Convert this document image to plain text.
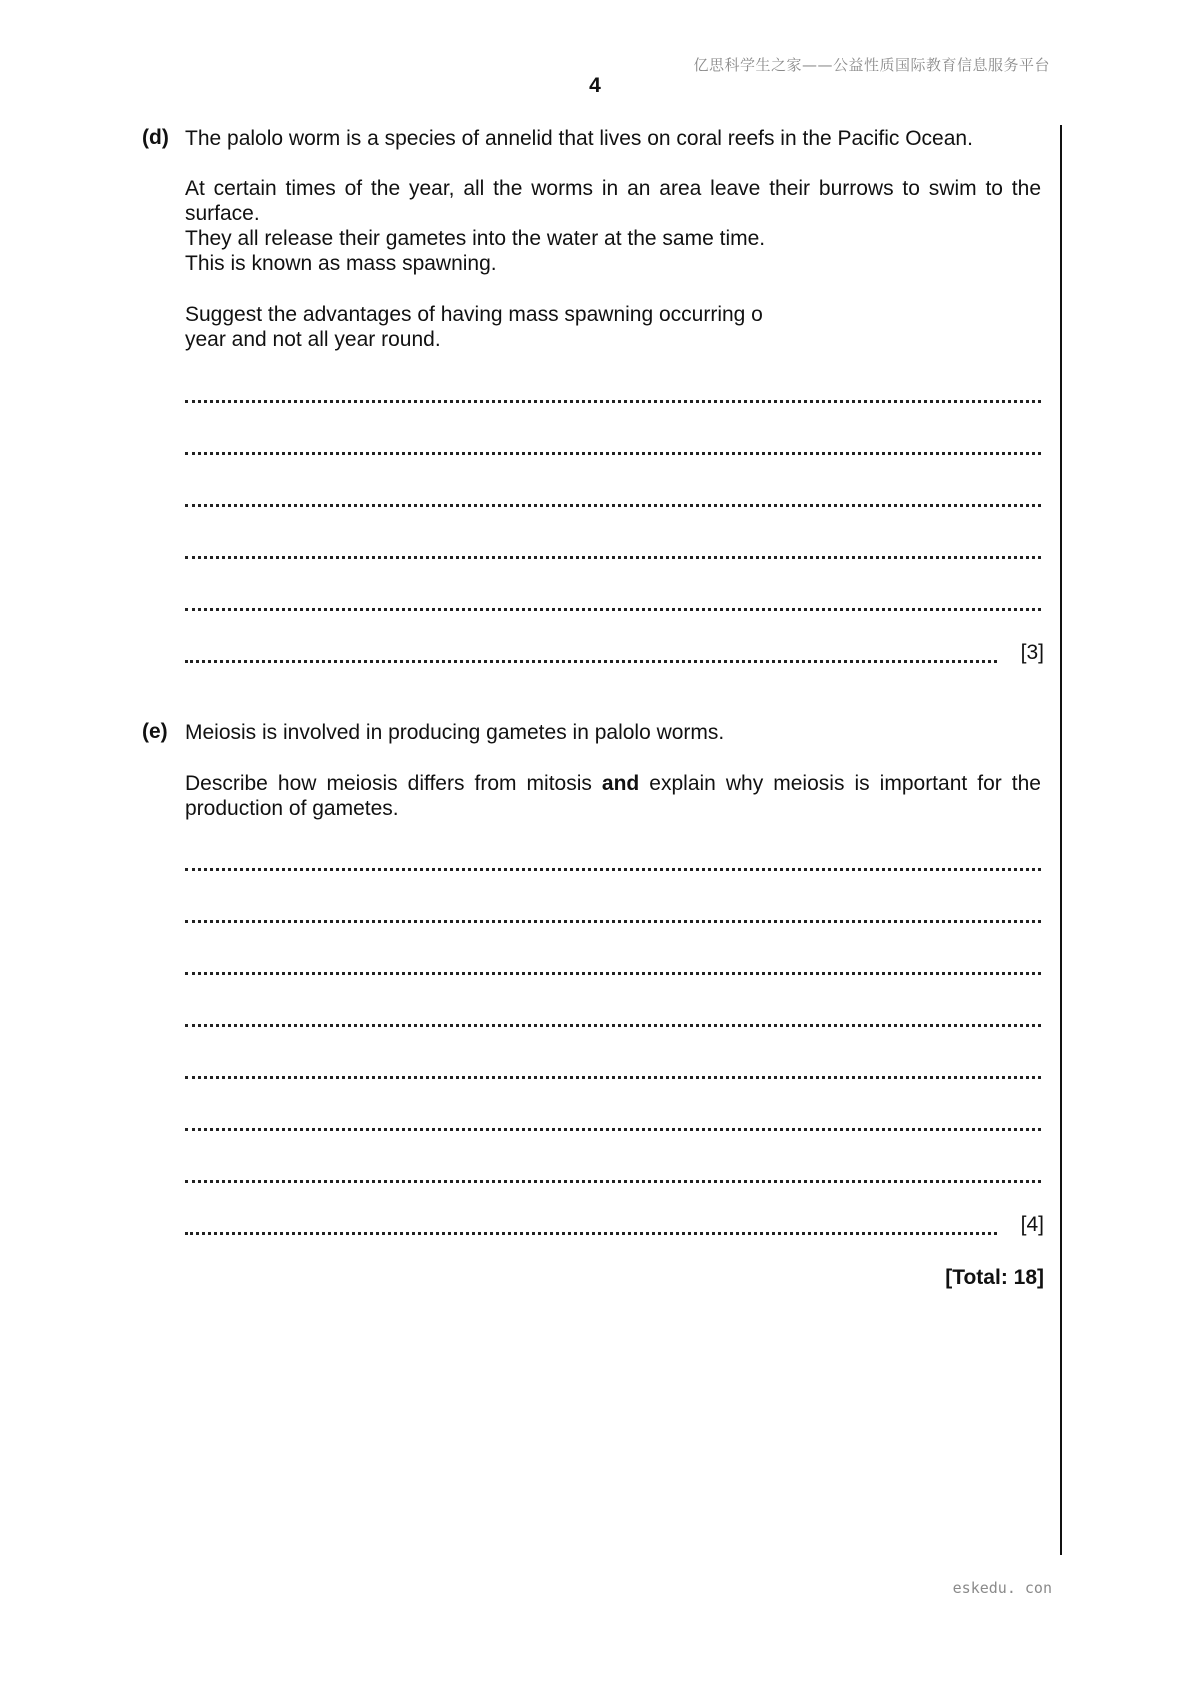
亿思科学生之家——公益性质国际教育信息服务平台
4
(d) The palolo worm is a species of annelid that lives on coral reefs in the Pacific Ocean.
At certain times of the year, all the worms in an area leave their burrows to swim to the surface.
They all release their gametes into the water at the same time.
This is known as mass spawning.
Suggest the advantages of having mass spawning occurring o
year and not all year round.
[3]
(e) Meiosis is involved in producing gametes in palolo worms.
Describe how meiosis differs from mitosis and explain why meiosis is important for the production of gametes.
[4]
[Total: 18]
eskedu. con
